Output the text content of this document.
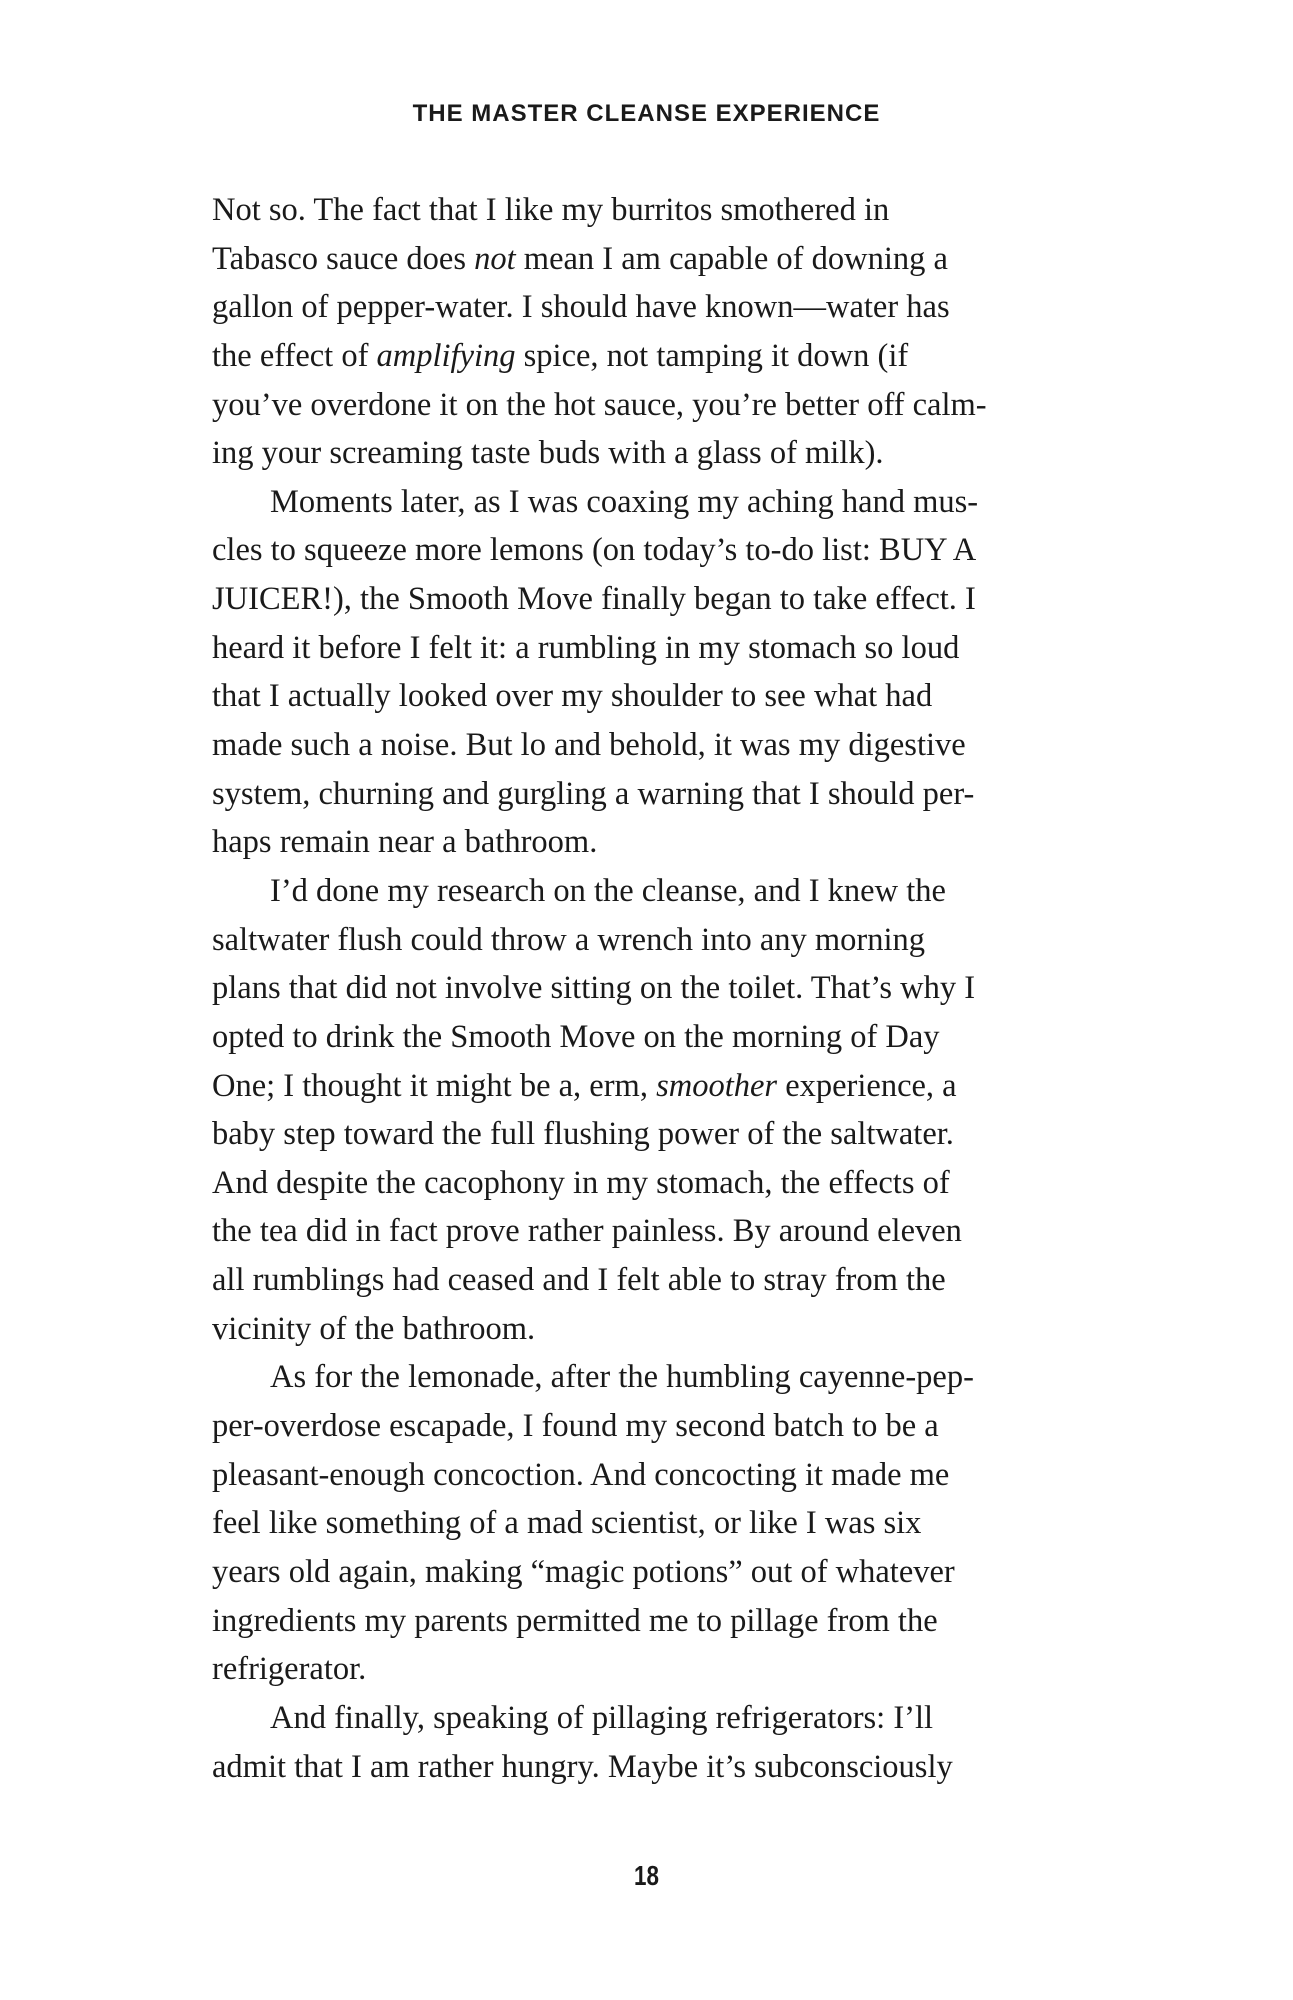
THE MASTER CLEANSE EXPERIENCE
Not so. The fact that I like my burritos smothered in
Tabasco sauce does not mean I am capable of downing a
gallon of pepper-water. I should have known—water has
the effect of amplifying spice, not tamping it down (if
you’ve overdone it on the hot sauce, you’re better off calm-
ing your screaming taste buds with a glass of milk).
Moments later, as I was coaxing my aching hand mus-
cles to squeeze more lemons (on today’s to-do list: BUY A
JUICER!), the Smooth Move finally began to take effect. I
heard it before I felt it: a rumbling in my stomach so loud
that I actually looked over my shoulder to see what had
made such a noise. But lo and behold, it was my digestive
system, churning and gurgling a warning that I should per-
haps remain near a bathroom.
I’d done my research on the cleanse, and I knew the
saltwater flush could throw a wrench into any morning
plans that did not involve sitting on the toilet. That’s why I
opted to drink the Smooth Move on the morning of Day
One; I thought it might be a, erm, smoother experience, a
baby step toward the full flushing power of the saltwater.
And despite the cacophony in my stomach, the effects of
the tea did in fact prove rather painless. By around eleven
all rumblings had ceased and I felt able to stray from the
vicinity of the bathroom.
As for the lemonade, after the humbling cayenne-pep-
per-overdose escapade, I found my second batch to be a
pleasant-enough concoction. And concocting it made me
feel like something of a mad scientist, or like I was six
years old again, making “magic potions” out of whatever
ingredients my parents permitted me to pillage from the
refrigerator.
And finally, speaking of pillaging refrigerators: I’ll
admit that I am rather hungry. Maybe it’s subconsciously
18
